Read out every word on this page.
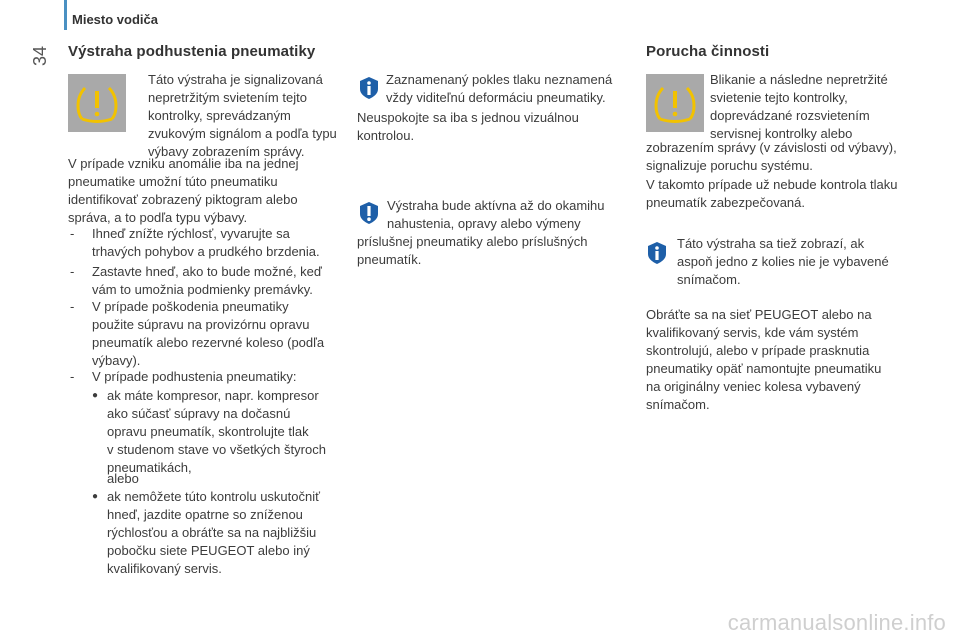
34
Miesto vodiča
Výstraha podhustenia pneumatiky

Táto výstraha je signalizovaná

nepretržitým svietením tejto

kontrolky, sprevádzaným

zvukovým signálom a podľa typu

výbavy zobrazením správy.

V prípade vzniku anomálie iba na jednej

pneumatike umožní túto pneumatiku

identifikovať zobrazený piktogram alebo

správa, a to podľa typu výbavy.

- Ihneď znížte rýchlosť, vyvarujte sa
trhavých pohybov a prudkého brzdenia.
- Zastavte hneď, ako to bude možné, keď
vám to umožnia podmienky premávky.
- V prípade poškodenia pneumatiky
použite súpravu na provizórnu opravu
pneumatík alebo rezervné koleso (podľa
výbavy).
- V prípade podhustenia pneumatiky:
● ak máte kompresor, napr. kompresor
ako súčasť súpravy na dočasnú
opravu pneumatík, skontrolujte tlak
v studenom stave vo všetkých štyroch
pneumatikách,
alebo
● ak nemôžete túto kontrolu uskutočniť
hneď, jazdite opatrne so zníženou
rýchlosťou a obráťte sa na najbližšiu
pobočku siete PEUGEOT alebo iný
kvalifikovaný servis.

Zaznamenaný pokles tlaku neznamená

vždy viditeľnú deformáciu pneumatiky.

Neuspokojte sa iba s jednou vizuálnou

kontrolou.

Výstraha bude aktívna až do okamihu

nahustenia, opravy alebo výmeny

príslušnej pneumatiky alebo príslušných

pneumatík.

Porucha činnosti

Blikanie a následne nepretržité

svietenie tejto kontrolky,

doprevádzané rozsvietením

servisnej kontrolky alebo

zobrazením správy (v závislosti od výbavy),

signalizuje poruchu systému.

V takomto prípade už nebude kontrola tlaku

pneumatík zabezpečovaná.

Táto výstraha sa tiež zobrazí, ak

aspoň jedno z kolies nie je vybavené

snímačom.

Obráťte sa na sieť PEUGEOT alebo na

kvalifikovaný servis, kde vám systém

skontrolujú, alebo v prípade prasknutia

pneumatiky opäť namontujte pneumatiku

na originálny veniec kolesa vybavený

snímačom.

carmanualsonline.info
